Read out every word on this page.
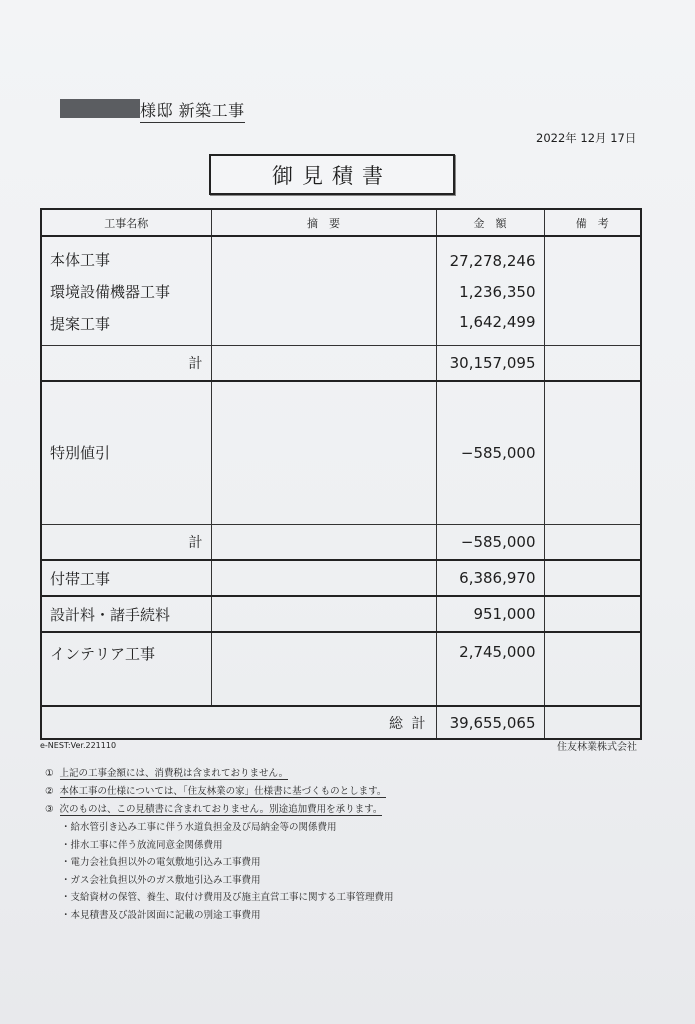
様邸 新築工事
2022年 12月 17日
御見積書
工事名称	摘　要	金　額	備　考
本体工事		27,278,246	
環境設備機器工事		1,236,350	
提案工事		1,642,499	
計		30,157,095	
特別値引		−585,000	
計		−585,000	
付帯工事		6,386,970	
設計料・諸手続料		951,000	
インテリア工事		2,745,000	
	総 計	39,655,065	
e-NEST:Ver.221110	住友林業株式会社
① 上記の工事金額には、消費税は含まれておりません。
② 本体工事の仕様については、「住友林業の家」仕様書に基づくものとします。
③ 次のものは、この見積書に含まれておりません。別途追加費用を承ります。
・給水管引き込み工事に伴う水道負担金及び局納金等の関係費用
・排水工事に伴う放流同意金関係費用
・電力会社負担以外の電気敷地引込み工事費用
・ガス会社負担以外のガス敷地引込み工事費用
・支給資材の保管、養生、取付け費用及び施主直営工事に関する工事管理費用
・本見積書及び設計図面に記載の別途工事費用
